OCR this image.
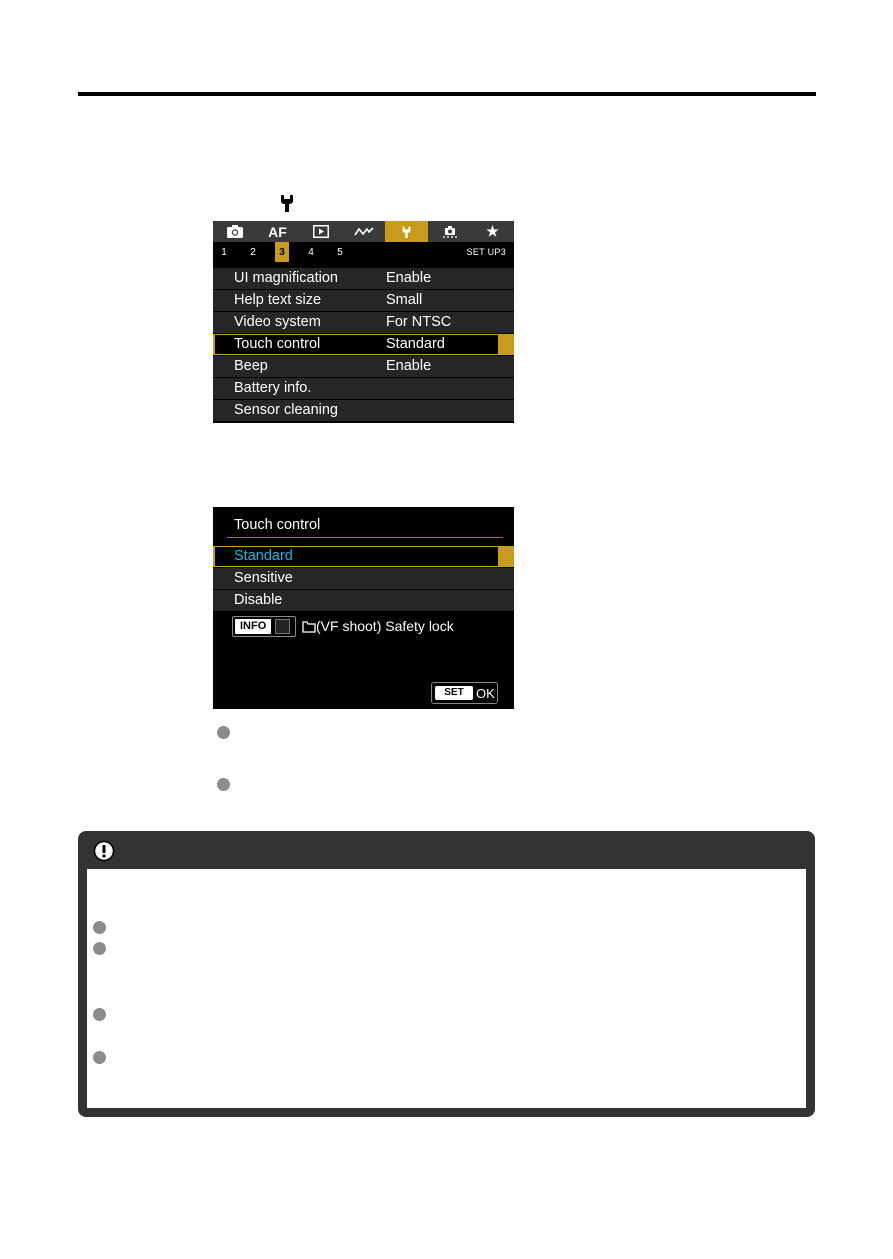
AF	★
1	2	3	4	5	SET UP3
UI magnification	Enable
Help text size	Small
Video system	For NTSC
Touch control	Standard
Beep	Enable
Battery info.
Sensor cleaning
Touch control
Standard
Sensitive
Disable
INFO	(VF shoot) Safety lock
SET OK
